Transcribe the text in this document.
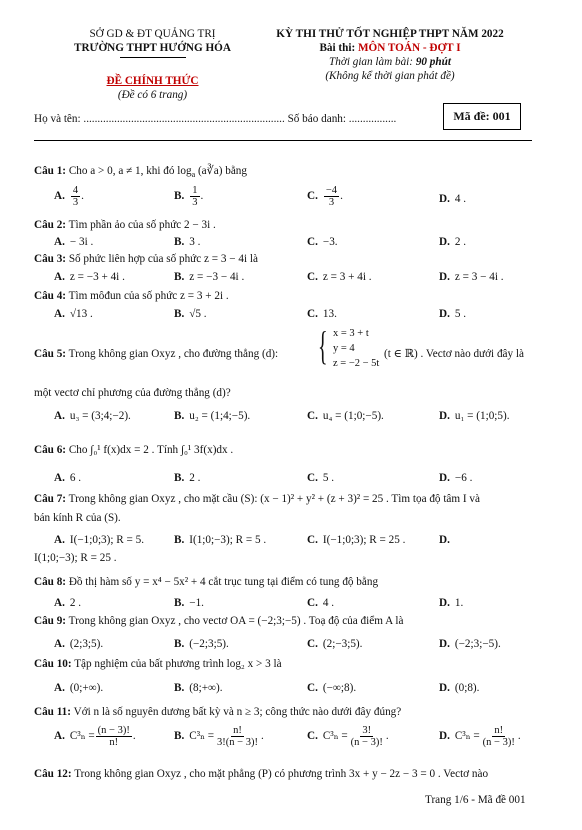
SỞ GD & ĐT QUẢNG TRỊ
TRƯỜNG THPT HƯỚNG HÓA
ĐỀ CHÍNH THỨC
(Đề có 6 trang)
KỲ THI THỬ TỐT NGHIỆP THPT NĂM 2022
Bài thi: MÔN TOÁN - ĐỢT I
Thời gian làm bài: 90 phút
(Không kể thời gian phát đề)
Họ và tên: ........................................................................ Số báo danh: .................	Mã đề: 001
Câu 1: Cho a > 0, a ≠ 1, khi đó $\log_a$ (a∛a) bằng
A. $\frac{4}{3}$ .	B. $\frac{1}{3}$ .	C. $\frac{-4}{3}$ .	D. 4 .
Câu 2: Tìm phần ảo của số phức 2 − 3i .
A. − 3i .	B. 3 .	C. −3.	D. 2 .
Câu 3: Số phức liên hợp của số phức z = 3 − 4i là
A. z = −3 + 4i .	B. z = −3 − 4i .	C. z = 3 + 4i .	D. z = 3 − 4i .
Câu 4: Tìm môđun của số phức z = 3 + 2i .
A. √13 .	B. √5 .	C. 13.	D. 5 .
Câu 5: Trong không gian Oxyz , cho đường thẳng (d): { x = 3 + t
y = 4
z = −2 − 5t
(t ∈ ℝ) . Vectơ nào dưới đây là
một vectơ chỉ phương của đường thẳng (d)?
A. u₃ = (3;4;−2).	B. u₂ = (1;4;−5).	C. u₄ = (1;0;−5).	D. u₁ = (1;0;5).
Câu 6: Cho ∫₀¹ f(x)dx = 2 . Tính ∫₀¹ 3f(x)dx .
A. 6 .	B. 2 .	C. 5 .	D. −6 .
Câu 7: Trong không gian Oxyz , cho mặt cầu (S): (x − 1)² + y² + (z + 3)² = 25 . Tìm tọa độ tâm I và
bán kính R của (S).
A. I(−1;0;3); R = 5.	B. I(1;0;−3); R = 5 .	C. I(−1;0;3); R = 25 .	D.
I(1;0;−3); R = 25 .
Câu 8: Đồ thị hàm số y = x⁴ − 5x² + 4 cắt trục tung tại điểm có tung độ bằng
A. 2 .	B. −1.	C. 4 .	D. 1.
Câu 9: Trong không gian Oxyz , cho vectơ OA = (−2;3;−5) . Toạ độ của điểm A là
A. (2;3;5).	B. (−2;3;5).	C. (2;−3;5).	D. (−2;3;−5).
Câu 10: Tập nghiệm của bất phương trình log₂ x > 3 là
A. (0;+∞).	B. (8;+∞).	C. (−∞;8).	D. (0;8).
Câu 11: Với n là số nguyên dương bất kỳ và n ≥ 3; công thức nào dưới đây đúng?
A. $C^3_n = \frac{(n - 3)!}{n!}$ .	B. $C^3_n = \frac{n!}{3!(n - 3)!}$ .	C. $C^3_n = \frac{3!}{(n - 3)!}$ .	D. $C^3_n = \frac{n!}{(n - 3)!}$ .
Câu 12: Trong không gian Oxyz , cho mặt phẳng (P) có phương trình 3x + y − 2z − 3 = 0 . Vectơ nào
Trang 1/6 - Mã đề 001
